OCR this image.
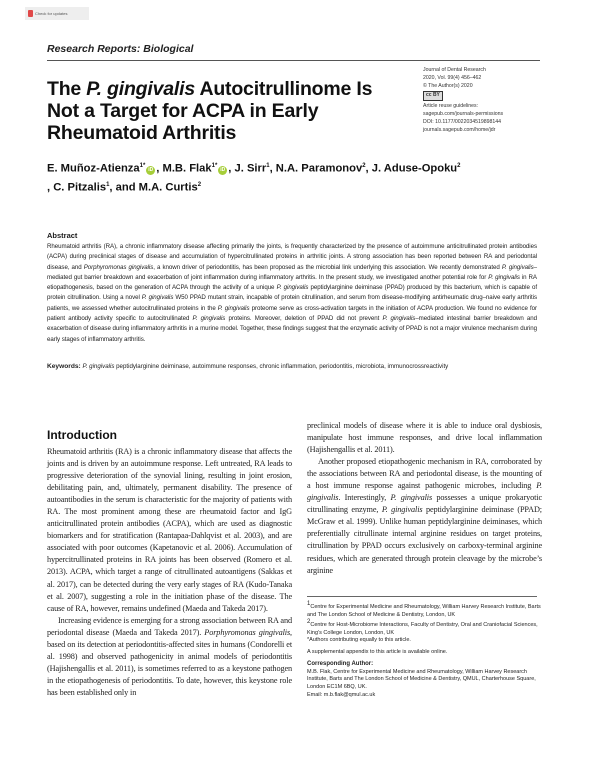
Check for updates
Research Reports: Biological
The P. gingivalis Autocitrullinome Is Not a Target for ACPA in Early Rheumatoid Arthritis
Journal of Dental Research
2020, Vol. 99(4) 456–462
© The Author(s) 2020
cc BY
Article reuse guidelines:
sagepub.com/journals-permissions
DOI: 10.1177/0022034519898144
journals.sagepub.com/home/jdr
E. Muñoz-Atienza$^{1*}$iD , M.B. Flak$^{1*}$iD , J. Sirr$^1$, N.A. Paramonov$^2$, J. Aduse-Opoku$^2$
, C. Pitzalis$^1$, and M.A. Curtis$^2$
Abstract
Rheumatoid arthritis (RA), a chronic inflammatory disease affecting primarily the joints, is frequently characterized by the presence of autoimmune anticitrullinated protein antibodies (ACPA) during preclinical stages of disease and accumulation of hypercitrullinated proteins in arthritic joints. A strong association has been reported between RA and periodontal disease, and Porphyromonas gingivalis, a known driver of periodontitis, has been proposed as the microbial link underlying this association. We recently demonstrated P. gingivalis–mediated gut barrier breakdown and exacerbation of joint inflammation during inflammatory arthritis. In the present study, we investigated another potential role for P. gingivalis in RA etiopathogenesis, based on the generation of ACPA through the activity of a unique P. gingivalis peptidylarginine deiminase (PPAD) produced by this bacterium, which is capable of protein citrullination. Using a novel P. gingivalis W50 PPAD mutant strain, incapable of protein citrullination, and serum from disease-modifying antirheumatic drug–naive early arthritis patients, we assessed whether autocitrullinated proteins in the P. gingivalis proteome serve as cross-activation targets in the initiation of ACPA production. We found no evidence for patient antibody activity specific to autocitrullinated P. gingivalis proteins. Moreover, deletion of PPAD did not prevent P. gingivalis–mediated intestinal barrier breakdown and exacerbation of disease during inflammatory arthritis in a murine model. Together, these findings suggest that the enzymatic activity of PPAD is not a major virulence mechanism during early stages of inflammatory arthritis.
Keywords: P. gingivalis peptidylarginine deiminase, autoimmune responses, chronic inflammation, periodontitis, microbiota, immunocrossreactivity
Introduction

Rheumatoid arthritis (RA) is a chronic inflammatory disease that affects the joints and is driven by an autoimmune response. Left untreated, RA leads to progressive deterioration of the synovial lining, resulting in joint erosion, debilitating pain, and, ultimately, permanent disability. The presence of autoantibodies in the serum is characteristic for the majority of patients with RA. The most prominent among these are rheumatoid factor and IgG anticitrullinated protein antibodies (ACPA), which are used as diagnostic biomarkers and for stratification (Rantapaa-Dahlqvist et al. 2003), and are associated with poor outcomes (Kapetanovic et al. 2006). Accumulation of hypercitrullinated proteins in RA joints has been observed (Romero et al. 2013). ACPA, which target a range of citrullinated autoantigens (Sakkas et al. 2017), can be detected during the very early stages of RA (Kudo-Tanaka et al. 2007), suggesting a role in the initiation phase of the disease. The cause of RA, however, remains undefined (Maeda and Takeda 2017).

Increasing evidence is emerging for a strong association between RA and periodontal disease (Maeda and Takeda 2017). Porphyromonas gingivalis, based on its detection at periodontitis-affected sites in humans (Condorelli et al. 1998) and observed pathogenicity in animal models of periodontitis (Hajishengallis et al. 2011), is sometimes referred to as a keystone pathogen in the etiopathogenesis of periodontitis. To date, however, this keystone role has been established only in

preclinical models of disease where it is able to induce oral dysbiosis, manipulate host immune responses, and drive local inflammation (Hajishengallis et al. 2011).

Another proposed etiopathogenic mechanism in RA, corroborated by the associations between RA and periodontal disease, is the mounting of a host immune response against pathogenic microbes, including P. gingivalis. Interestingly, P. gingivalis possesses a unique prokaryotic citrullinating enzyme, P. gingivalis peptidylarginine deiminase (PPAD; McGraw et al. 1999). Unlike human peptidylarginine deiminases, which preferentially citrullinate internal arginine residues on target proteins, citrullination by PPAD occurs exclusively on carboxy-terminal arginine residues, which are generated through protein cleavage by the microbe’s arginine

$^1$Centre for Experimental Medicine and Rheumatology, William Harvey Research Institute, Barts and The London School of Medicine & Dentistry, London, UK

$^2$Centre for Host-Microbiome Interactions, Faculty of Dentistry, Oral and Craniofacial Sciences, King’s College London, London, UK

*Authors contributing equally to this article.

A supplemental appendix to this article is available online.

Corresponding Author:

M.B. Flak, Centre for Experimental Medicine and Rheumatology, William Harvey Research Institute, Barts and The London School of Medicine & Dentistry, QMUL, Charterhouse Square, London EC1M 6BQ, UK.

Email: m.b.flak@qmul.ac.uk
